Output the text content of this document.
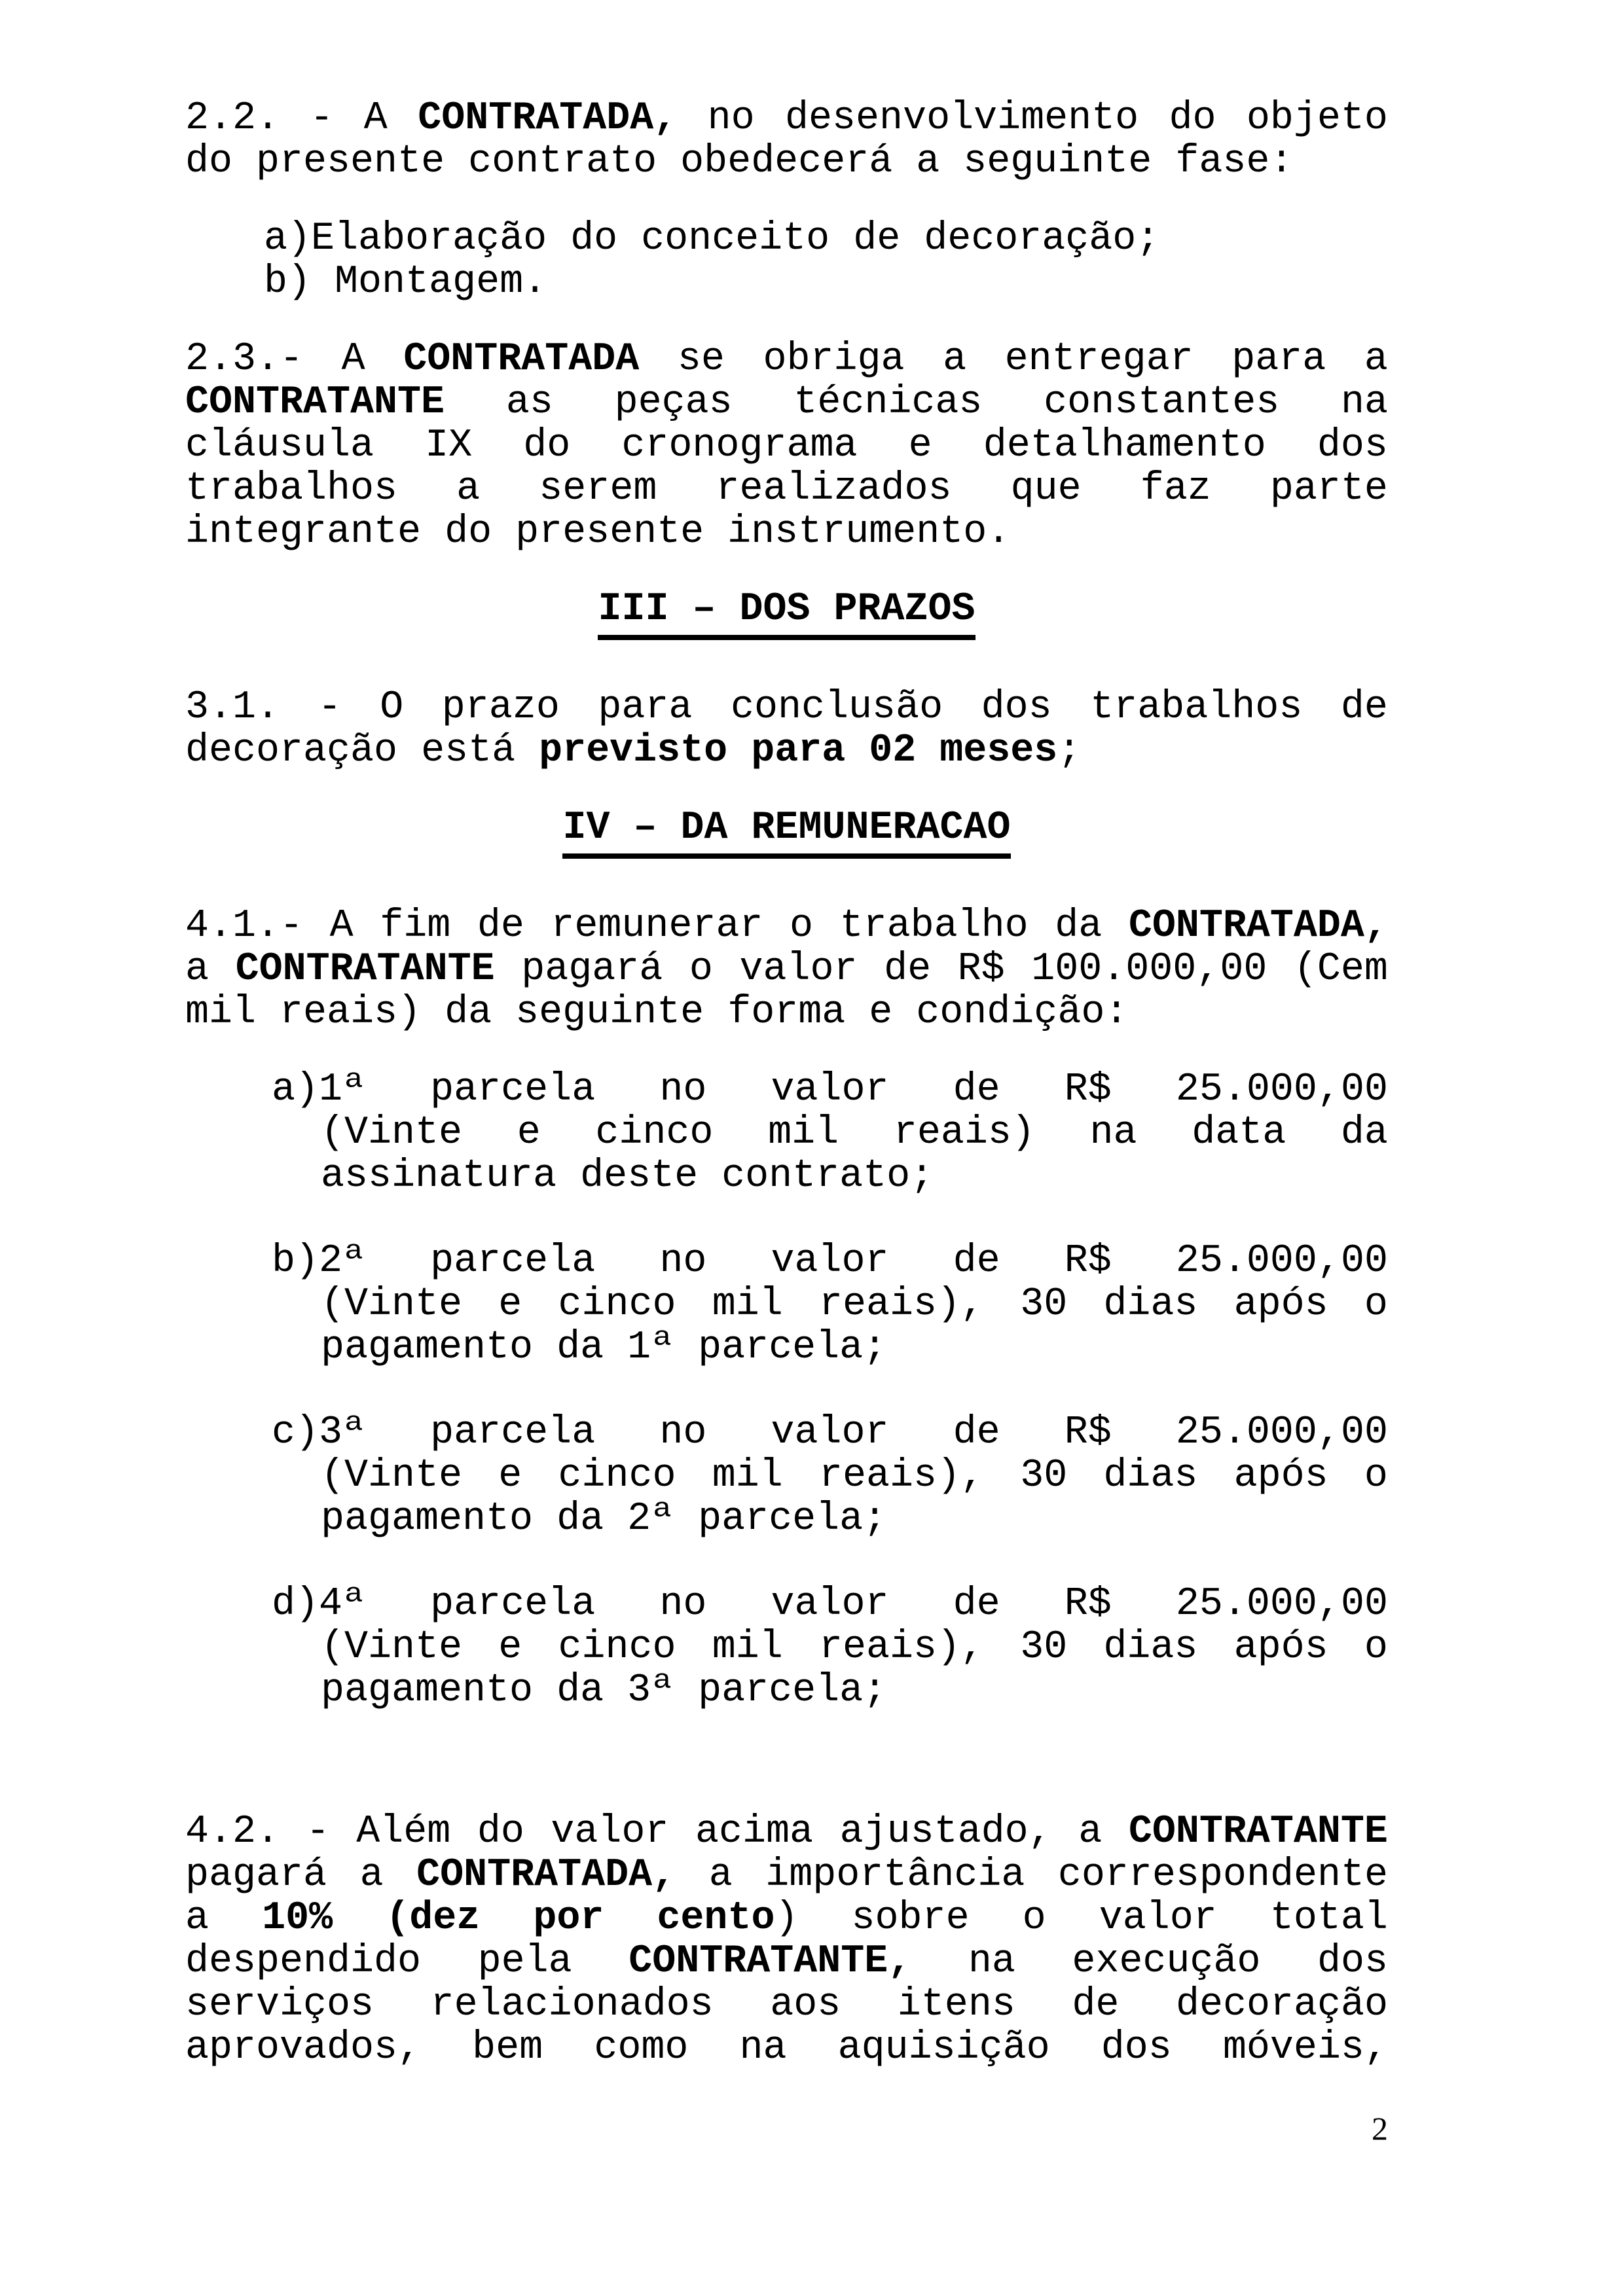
2.2. - A CONTRATADA, no desenvolvimento do objeto
do presente contrato obedecerá a seguinte fase:
a)Elaboração do conceito de decoração;
b) Montagem.
2.3.- A CONTRATADA se obriga a entregar para a
CONTRATANTE as peças técnicas constantes na
cláusula IX do cronograma e detalhamento dos
trabalhos a serem realizados que faz parte
integrante do presente instrumento.
III – DOS PRAZOS
3.1. - O prazo para conclusão dos trabalhos de
decoração está previsto para 02 meses;
IV – DA REMUNERACAO
4.1.- A fim de remunerar o trabalho da CONTRATADA,
a CONTRATANTE pagará o valor de R$ 100.000,00 (Cem
mil reais) da seguinte forma e condição:
a)1ª parcela no valor de R$ 25.000,00
(Vinte e cinco mil reais) na data da
assinatura deste contrato;
b)2ª parcela no valor de R$ 25.000,00
(Vinte e cinco mil reais), 30 dias após o
pagamento da 1ª parcela;
c)3ª parcela no valor de R$ 25.000,00
(Vinte e cinco mil reais), 30 dias após o
pagamento da 2ª parcela;
d)4ª parcela no valor de R$ 25.000,00
(Vinte e cinco mil reais), 30 dias após o
pagamento da 3ª parcela;
4.2. - Além do valor acima ajustado, a CONTRATANTE
pagará a CONTRATADA, a importância correspondente
a 10% (dez por cento) sobre o valor total
despendido pela CONTRATANTE, na execução dos
serviços relacionados aos itens de decoração
aprovados, bem como na aquisição dos móveis,
2
